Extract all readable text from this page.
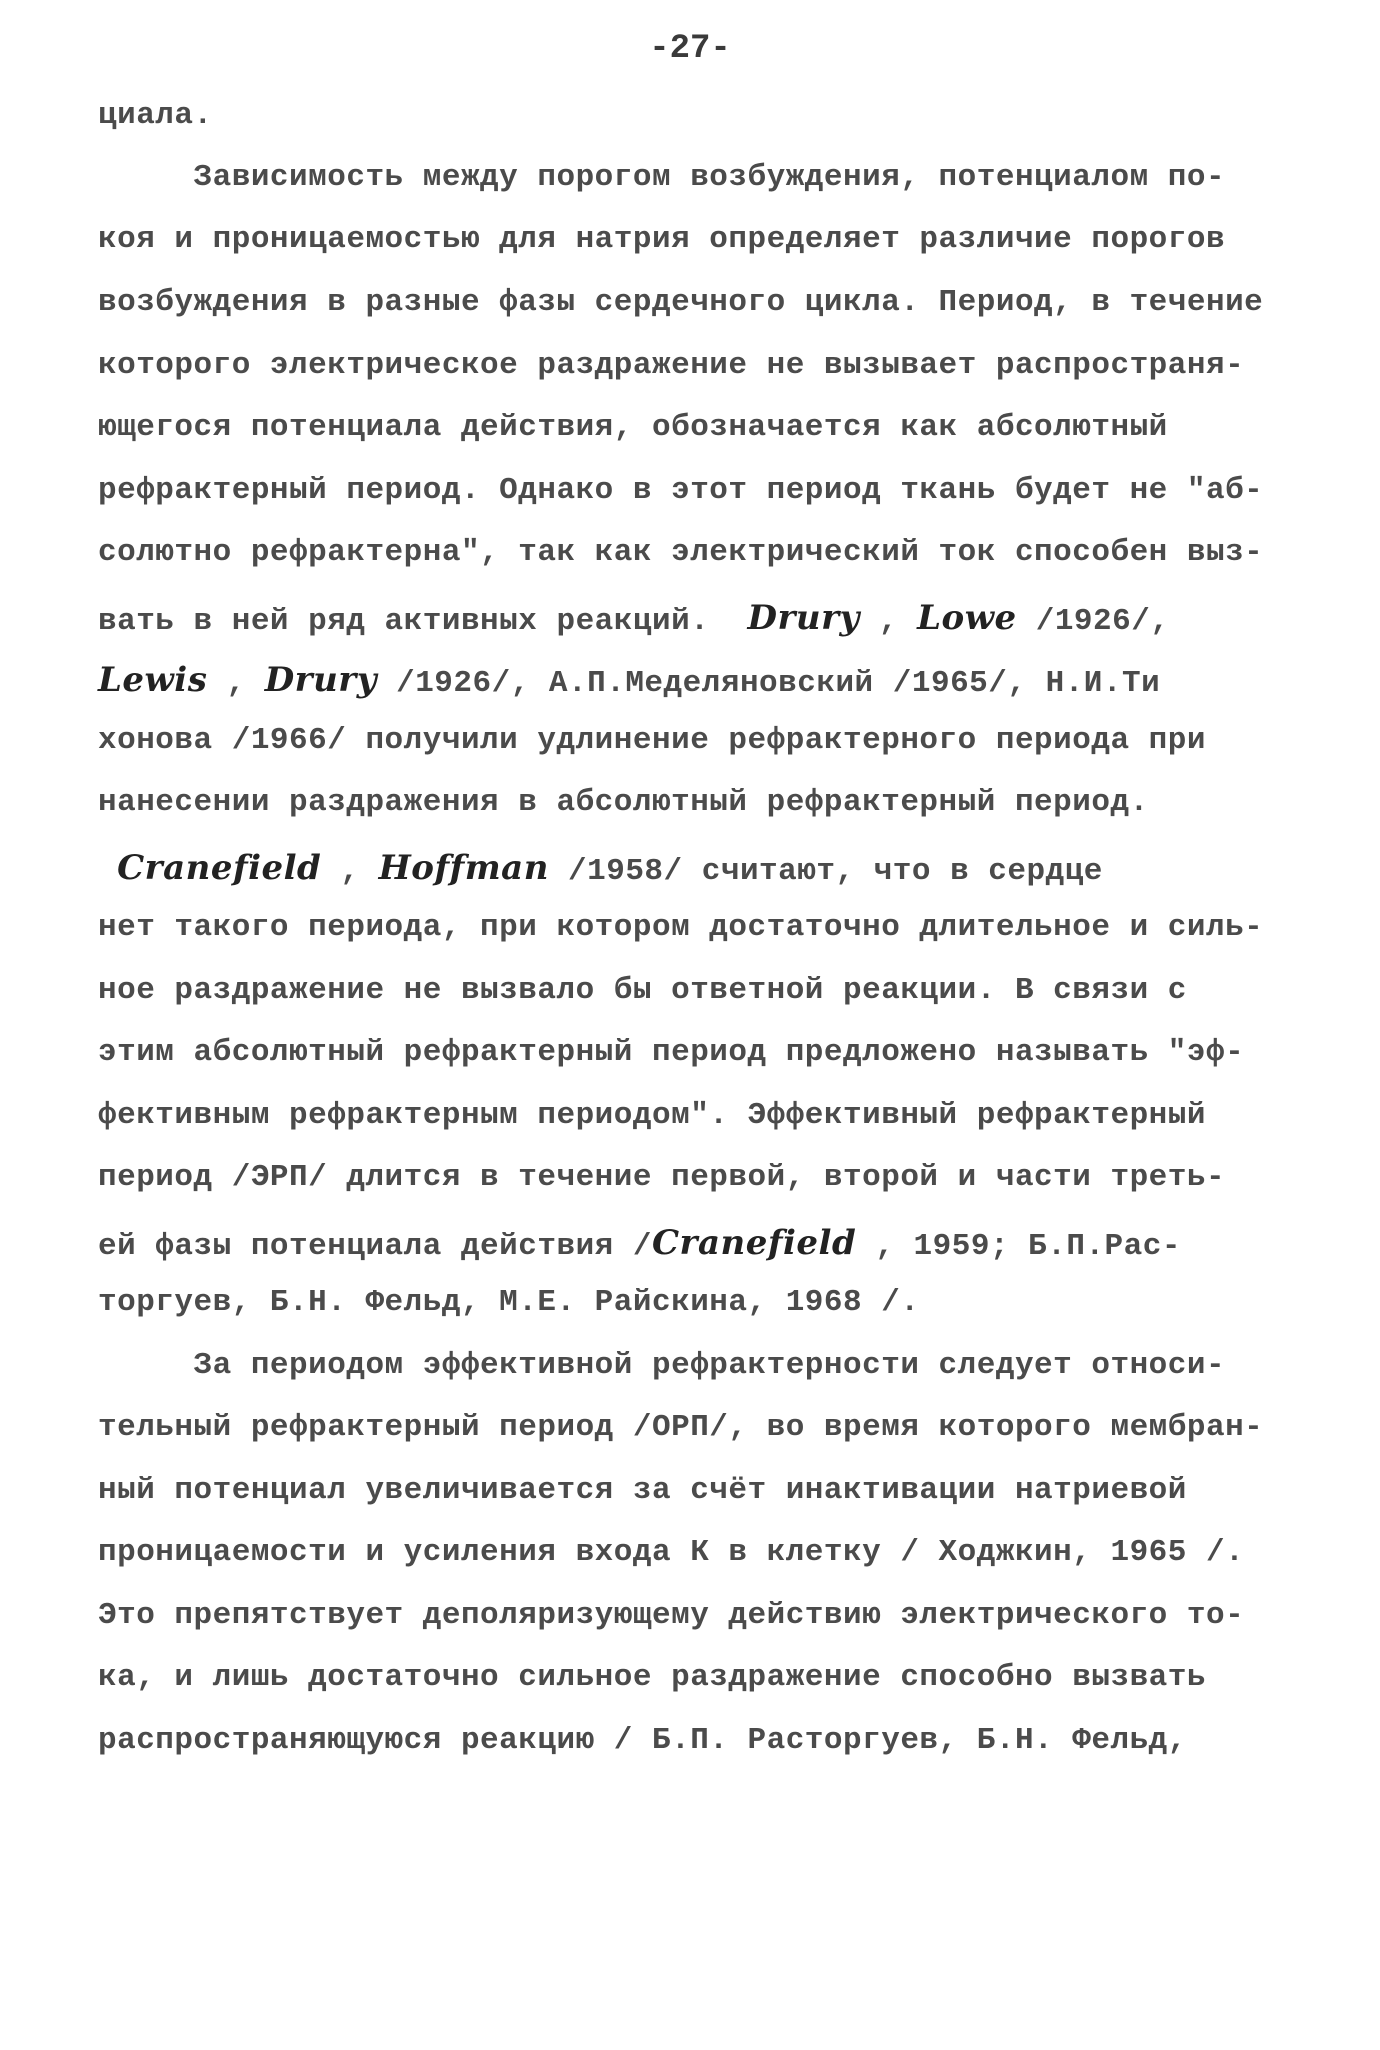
-27-
циала.
Зависимость между порогом возбуждения, потенциалом по-
коя и проницаемостью для натрия определяет различие порогов
возбуждения в разные фазы сердечного цикла. Период, в течение
которого электрическое раздражение не вызывает распространя-
ющегося потенциала действия, обозначается как абсолютный
рефрактерный период. Однако в этот период ткань будет не "аб-
солютно рефрактерна", так как электрический ток способен выз-
вать в ней ряд активных реакций. Drury , Lowe /1926/,
Lewis , Drury /1926/, А.П.Меделяновский /1965/, Н.И.Ти
хонова /1966/ получили удлинение рефрактерного периода при
нанесении раздражения в абсолютный рефрактерный период.
Cranefield , Hoffman /1958/ считают, что в сердце
нет такого периода, при котором достаточно длительное и силь-
ное раздражение не вызвало бы ответной реакции. В связи с
этим абсолютный рефрактерный период предложено называть "эф-
фективным рефрактерным периодом". Эффективный рефрактерный
период /ЭРП/ длится в течение первой, второй и части треть-
ей фазы потенциала действия /Cranefield , 1959; Б.П.Рас-
торгуев, Б.Н. Фельд, М.Е. Райскина, 1968 /.
За периодом эффективной рефрактерности следует относи-
тельный рефрактерный период /ОРП/, во время которого мембран-
ный потенциал увеличивается за счёт инактивации натриевой
проницаемости и усиления входа К в клетку / Ходжкин, 1965 /.
Это препятствует деполяризующему действию электрического то-
ка, и лишь достаточно сильное раздражение способно вызвать
распространяющуюся реакцию / Б.П. Расторгуев, Б.Н. Фельд,
